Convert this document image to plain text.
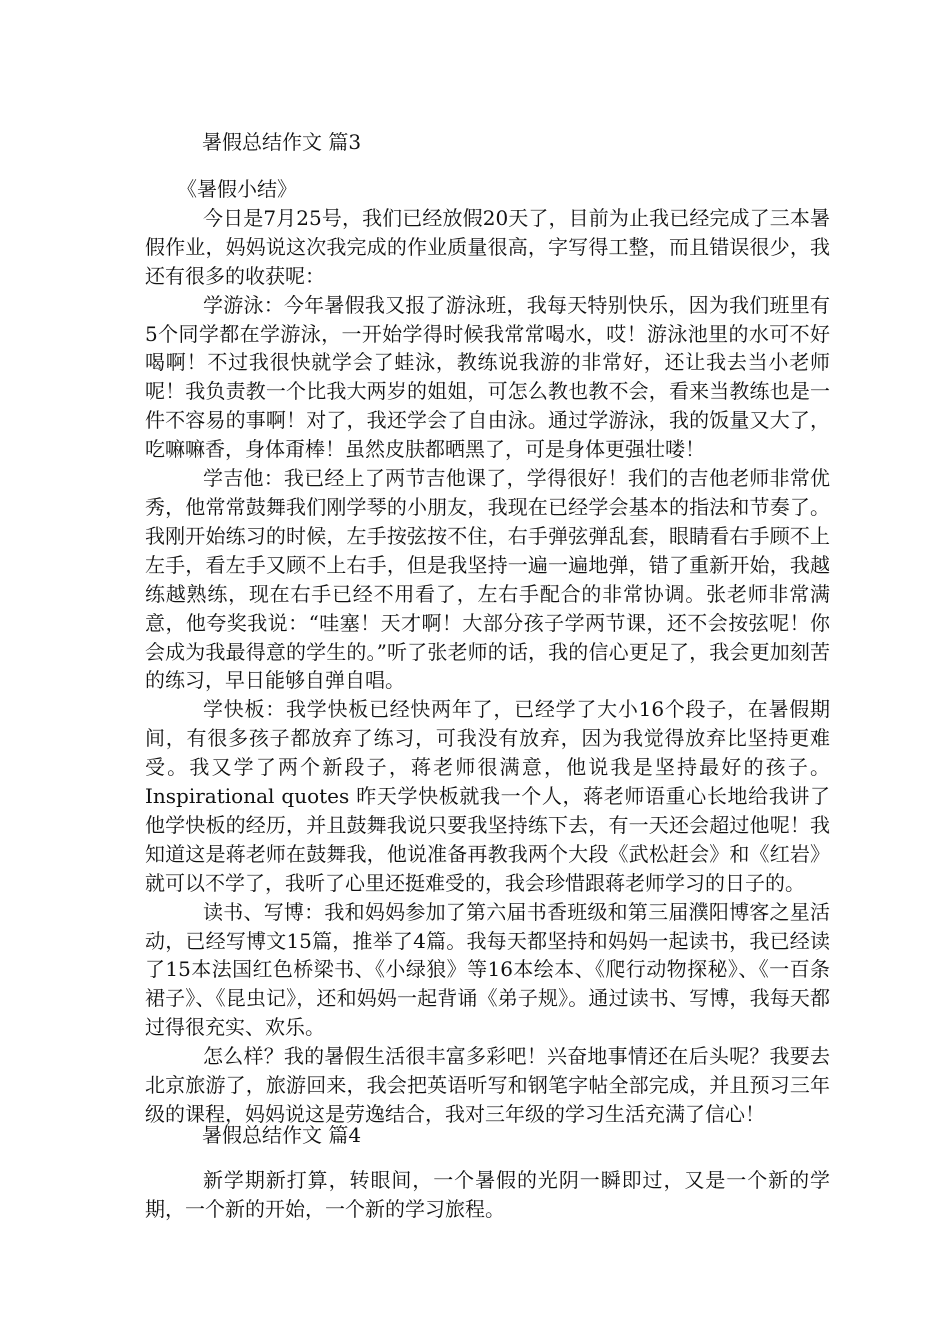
暑假总结作文 篇3

《暑假小结》

今日是7月25号，我们已经放假20天了，目前为止我已经完成了三本暑假作业，妈妈说这次我完成的作业质量很高，字写得工整，而且错误很少，我还有很多的收获呢：

学游泳：今年暑假我又报了游泳班，我每天特别快乐，因为我们班里有5个同学都在学游泳，一开始学得时候我常常喝水，哎！游泳池里的水可不好喝啊！不过我很快就学会了蛙泳，教练说我游的非常好，还让我去当小老师呢！我负责教一个比我大两岁的姐姐，可怎么教也教不会，看来当教练也是一件不容易的事啊！对了，我还学会了自由泳。通过学游泳，我的饭量又大了，吃嘛嘛香，身体甭棒！虽然皮肤都晒黑了，可是身体更强壮喽！

学吉他：我已经上了两节吉他课了，学得很好！我们的吉他老师非常优秀，他常常鼓舞我们刚学琴的小朋友，我现在已经学会基本的指法和节奏了。我刚开始练习的时候，左手按弦按不住，右手弹弦弹乱套，眼睛看右手顾不上左手，看左手又顾不上右手，但是我坚持一遍一遍地弹，错了重新开始，我越练越熟练，现在右手已经不用看了，左右手配合的非常协调。张老师非常满意，他夸奖我说：“哇塞！天才啊！大部分孩子学两节课，还不会按弦呢！你会成为我最得意的学生的。”听了张老师的话，我的信心更足了，我会更加刻苦的练习，早日能够自弹自唱。

学快板：我学快板已经快两年了，已经学了大小16个段子，在暑假期间，有很多孩子都放弃了练习，可我没有放弃，因为我觉得放弃比坚持更难受。我又学了两个新段子，蒋老师很满意，他说我是坚持最好的孩子。Inspirational quotes 昨天学快板就我一个人，蒋老师语重心长地给我讲了他学快板的经历，并且鼓舞我说只要我坚持练下去，有一天还会超过他呢！我知道这是蒋老师在鼓舞我，他说准备再教我两个大段《武松赶会》和《红岩》就可以不学了，我听了心里还挺难受的，我会珍惜跟蒋老师学习的日子的。

读书、写博：我和妈妈参加了第六届书香班级和第三届濮阳博客之星活动，已经写博文15篇，推举了4篇。我每天都坚持和妈妈一起读书，我已经读了15本法国红色桥梁书、《小绿狼》等16本绘本、《爬行动物探秘》、《一百条裙子》、《昆虫记》，还和妈妈一起背诵《弟子规》。通过读书、写博，我每天都过得很充实、欢乐。

怎么样？我的暑假生活很丰富多彩吧！兴奋地事情还在后头呢？我要去北京旅游了，旅游回来，我会把英语听写和钢笔字帖全部完成，并且预习三年级的课程，妈妈说这是劳逸结合，我对三年级的学习生活充满了信心！

暑假总结作文 篇4

新学期新打算，转眼间，一个暑假的光阴一瞬即过，又是一个新的学期，一个新的开始，一个新的学习旅程。
